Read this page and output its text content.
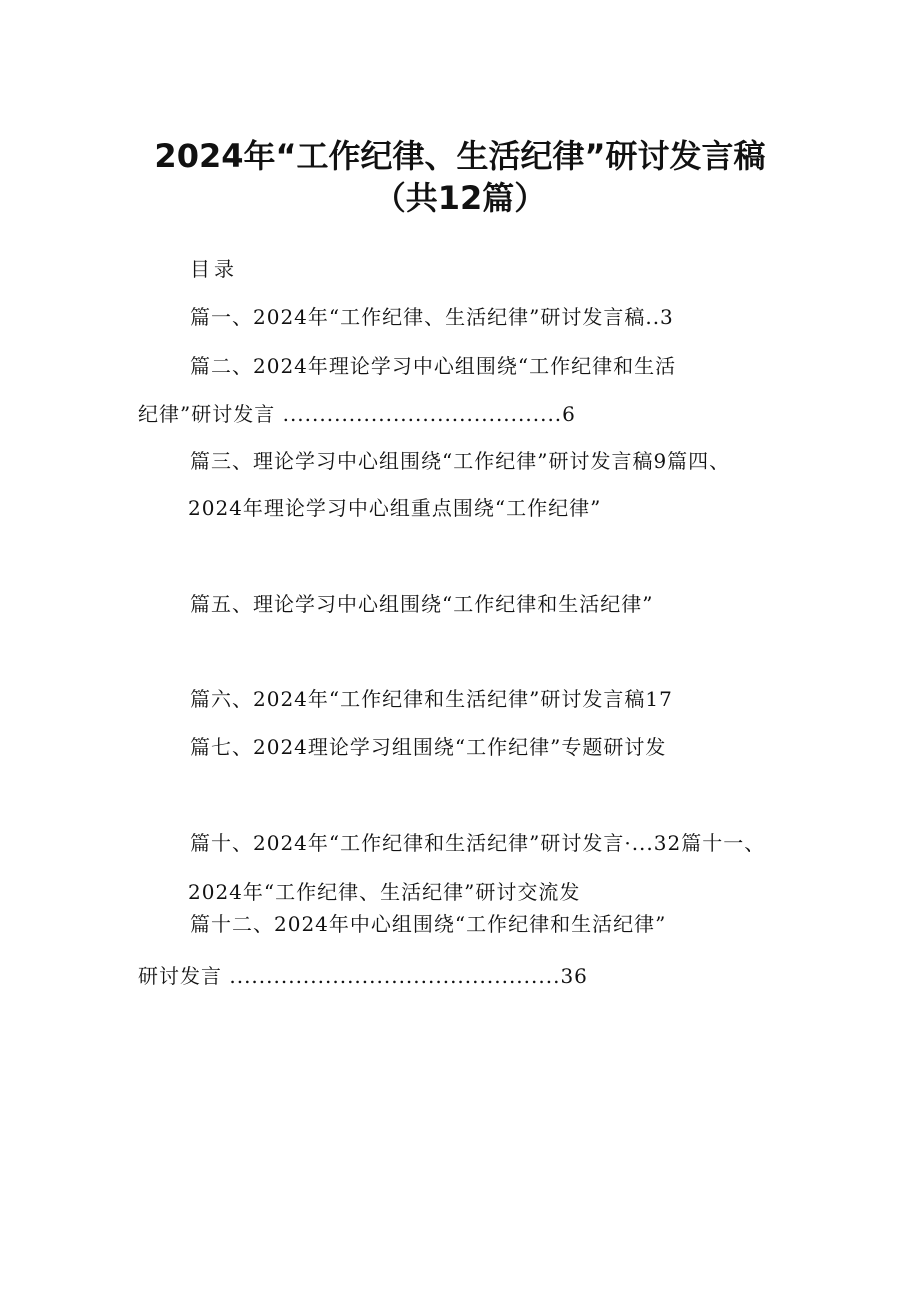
2024年“工作纪律、生活纪律”研讨发言稿
（共12篇）
目录
篇一、2024年“工作纪律、生活纪律”研讨发言稿..3
篇二、2024年理论学习中心组围绕“工作纪律和生活
纪律”研讨发言 ......................................6
篇三、理论学习中心组围绕“工作纪律”研讨发言稿9篇四、
2024年理论学习中心组重点围绕“工作纪律”
篇五、理论学习中心组围绕“工作纪律和生活纪律”
篇六、2024年“工作纪律和生活纪律”研讨发言稿17
篇七、2024理论学习组围绕“工作纪律”专题研讨发
篇十、2024年“工作纪律和生活纪律”研讨发言·...32篇十一、
2024年“工作纪律、生活纪律”研讨交流发
篇十二、2024年中心组围绕“工作纪律和生活纪律”
研讨发言 .............................................36
